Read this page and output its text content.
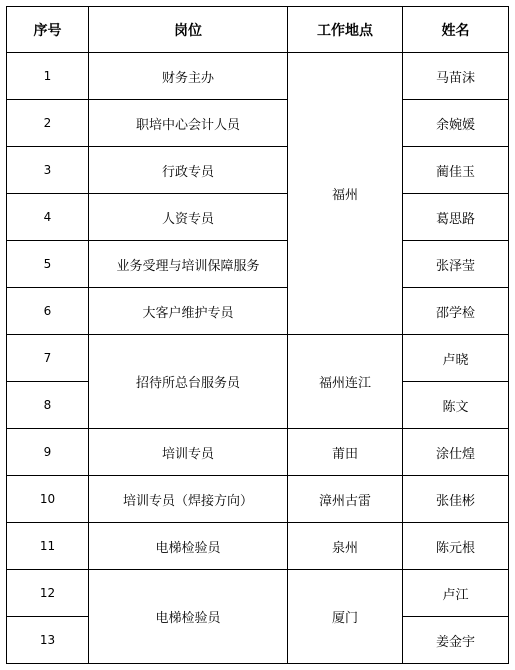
序号	岗位	工作地点	姓名
1	财务主办	福州	马苗沫
2	职培中心会计人员		余婉媛
3	行政专员		蔺佳玉
4	人资专员		葛思路
5	业务受理与培训保障服务		张泽莹
6	大客户维护专员		邵学检
7	招待所总台服务员	福州连江	卢晓
8			陈文
9	培训专员	莆田	涂仕煌
10	培训专员（焊接方向）	漳州古雷	张佳彬
11	电梯检验员	泉州	陈元根
12	电梯检验员	厦门	卢江
13			姜金宇
